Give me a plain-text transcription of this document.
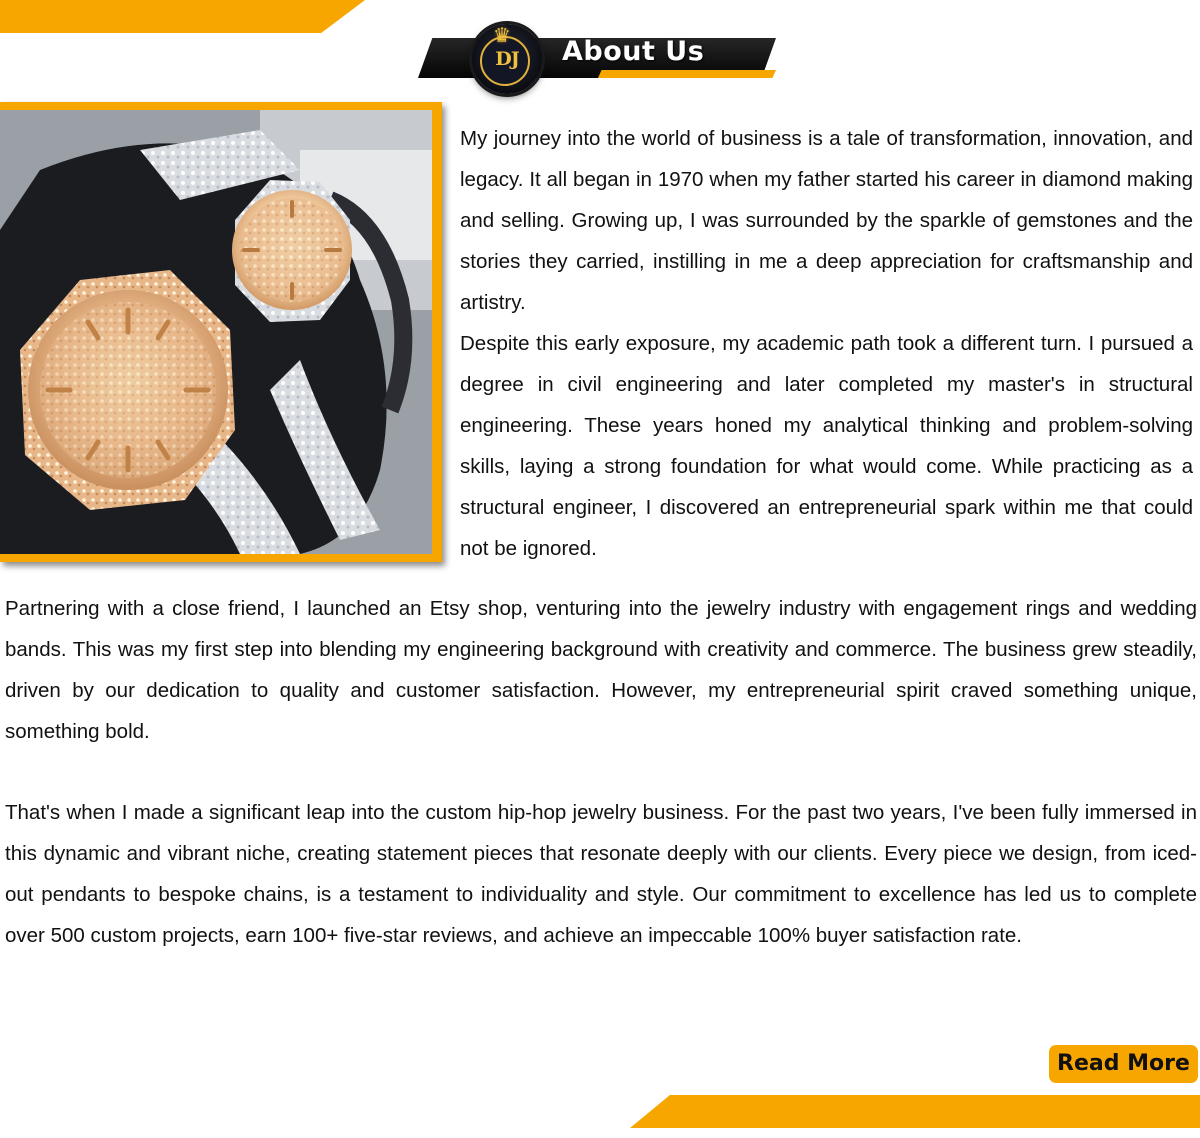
♛
DJ	About Us

My journey into the world of business is a tale of transformation, innovation, and legacy. It all began in 1970 when my father started his career in diamond making and selling. Growing up, I was surrounded by the sparkle of gemstones and the stories they carried, instilling in me a deep appreciation for craftsmanship and artistry.
Despite this early exposure, my academic path took a different turn. I pursued a degree in civil engineering and later completed my master's in structural engineering. These years honed my analytical thinking and problem-solving skills, laying a strong foundation for what would come. While practicing as a structural engineer, I discovered an entrepreneurial spark within me that could not be ignored.

Partnering with a close friend, I launched an Etsy shop, venturing into the jewelry industry with engagement rings and wedding bands. This was my first step into blending my engineering background with creativity and commerce. The business grew steadily, driven by our dedication to quality and customer satisfaction. However, my entrepreneurial spirit craved something unique, something bold.

That's when I made a significant leap into the custom hip-hop jewelry business. For the past two years, I've been fully immersed in this dynamic and vibrant niche, creating statement pieces that resonate deeply with our clients. Every piece we design, from iced-out pendants to bespoke chains, is a testament to individuality and style. Our commitment to excellence has led us to complete over 500 custom projects, earn 100+ five-star reviews, and achieve an impeccable 100% buyer satisfaction rate.

Read More
